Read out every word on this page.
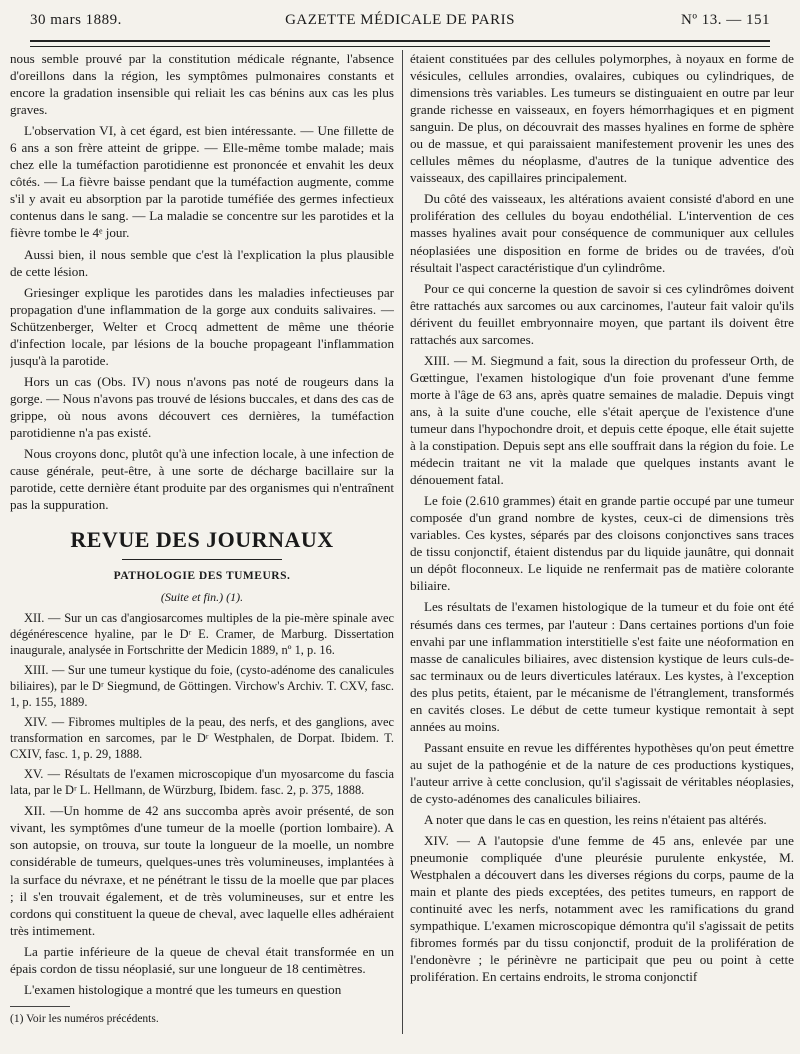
30 mars 1889.	GAZETTE MÉDICALE DE PARIS	Nº 13. — 151

nous semble prouvé par la constitution médicale régnante, l'absence d'oreillons dans la région, les symptômes pulmonaires constants et encore la gradation insensible qui reliait les cas bénins aux cas les plus graves.

L'observation VI, à cet égard, est bien intéressante. — Une fillette de 6 ans a son frère atteint de grippe. — Elle-même tombe malade; mais chez elle la tuméfaction parotidienne est prononcée et envahit les deux côtés. — La fièvre baisse pendant que la tuméfaction augmente, comme s'il y avait eu absorption par la parotide tuméfiée des germes infectieux contenus dans le sang. — La maladie se concentre sur les parotides et la fièvre tombe le 4ᵉ jour.

Aussi bien, il nous semble que c'est là l'explication la plus plausible de cette lésion.

Griesinger explique les parotides dans les maladies infectieuses par propagation d'une inflammation de la gorge aux conduits salivaires. — Schützenberger, Welter et Crocq admettent de même une théorie d'infection locale, par lésions de la bouche propageant l'inflammation jusqu'à la parotide.

Hors un cas (Obs. IV) nous n'avons pas noté de rougeurs dans la gorge. — Nous n'avons pas trouvé de lésions buccales, et dans des cas de grippe, où nous avons découvert ces dernières, la tuméfaction parotidienne n'a pas existé.

Nous croyons donc, plutôt qu'à une infection locale, à une infection de cause générale, peut-être, à une sorte de décharge bacillaire sur la parotide, cette dernière étant produite par des organismes qui n'entraînent pas la suppuration.

REVUE DES JOURNAUX
PATHOLOGIE DES TUMEURS.
(Suite et fin.) (1).

XII. — Sur un cas d'angiosarcomes multiples de la pie-mère spinale avec dégénérescence hyaline, par le Dʳ E. Cramer, de Marburg. Dissertation inaugurale, analysée in Fortschritte der Medicin 1889, nº 1, p. 16.

XIII. — Sur une tumeur kystique du foie, (cysto-adénome des canalicules biliaires), par le Dʳ Siegmund, de Göttingen. Virchow's Archiv. T. CXV, fasc. 1, p. 155, 1889.

XIV. — Fibromes multiples de la peau, des nerfs, et des ganglions, avec transformation en sarcomes, par le Dʳ Westphalen, de Dorpat. Ibidem. T. CXIV, fasc. 1, p. 29, 1888.

XV. — Résultats de l'examen microscopique d'un myosarcome du fascia lata, par le Dʳ L. Hellmann, de Würzburg, Ibidem. fasc. 2, p. 375, 1888.

XII. —Un homme de 42 ans succomba après avoir présenté, de son vivant, les symptômes d'une tumeur de la moelle (portion lombaire). A son autopsie, on trouva, sur toute la longueur de la moelle, un nombre considérable de tumeurs, quelques-unes très volumineuses, implantées à la surface du névraxe, et ne pénétrant le tissu de la moelle que par places ; il s'en trouvait également, et de très volumineuses, sur et entre les cordons qui constituent la queue de cheval, avec laquelle elles adhéraient très intimement.

La partie inférieure de la queue de cheval était transformée en un épais cordon de tissu néoplasié, sur une longueur de 18 centimètres.

L'examen histologique a montré que les tumeurs en question

(1) Voir les numéros précédents.

étaient constituées par des cellules polymorphes, à noyaux en forme de vésicules, cellules arrondies, ovalaires, cubiques ou cylindriques, de dimensions très variables. Les tumeurs se distinguaient en outre par leur grande richesse en vaisseaux, en foyers hémorrhagiques et en pigment sanguin. De plus, on découvrait des masses hyalines en forme de sphère ou de massue, et qui paraissaient manifestement provenir les unes des cellules mêmes du néoplasme, d'autres de la tunique adventice des vaisseaux, des capillaires principalement.

Du côté des vaisseaux, les altérations avaient consisté d'abord en une prolifération des cellules du boyau endothélial. L'intervention de ces masses hyalines avait pour conséquence de communiquer aux cellules néoplasiées une disposition en forme de brides ou de travées, d'où résultait l'aspect caractéristique d'un cylindrôme.

Pour ce qui concerne la question de savoir si ces cylindrômes doivent être rattachés aux sarcomes ou aux carcinomes, l'auteur fait valoir qu'ils dérivent du feuillet embryonnaire moyen, que partant ils doivent être rattachés aux sarcomes.

XIII. — M. Siegmund a fait, sous la direction du professeur Orth, de Gœttingue, l'examen histologique d'un foie provenant d'une femme morte à l'âge de 63 ans, après quatre semaines de maladie. Depuis vingt ans, à la suite d'une couche, elle s'était aperçue de l'existence d'une tumeur dans l'hypochondre droit, et depuis cette époque, elle était sujette à la constipation. Depuis sept ans elle souffrait dans la région du foie. Le médecin traitant ne vit la malade que quelques instants avant le dénouement fatal.

Le foie (2.610 grammes) était en grande partie occupé par une tumeur composée d'un grand nombre de kystes, ceux-ci de dimensions très variables. Ces kystes, séparés par des cloisons conjonctives sans traces de tissu conjonctif, étaient distendus par du liquide jaunâtre, qui donnait un dépôt floconneux. Le liquide ne renfermait pas de matière colorante biliaire.

Les résultats de l'examen histologique de la tumeur et du foie ont été résumés dans ces termes, par l'auteur : Dans certaines portions d'un foie envahi par une inflammation interstitielle s'est faite une néoformation en masse de canalicules biliaires, avec distension kystique de leurs culs-de-sac terminaux ou de leurs diverticules latéraux. Les kystes, à l'exception des plus petits, étaient, par le mécanisme de l'étranglement, transformés en cavités closes. Le début de cette tumeur kystique remontait à sept années au moins.

Passant ensuite en revue les différentes hypothèses qu'on peut émettre au sujet de la pathogénie et de la nature de ces productions kystiques, l'auteur arrive à cette conclusion, qu'il s'agissait de véritables néoplasies, de cysto-adénomes des canalicules biliaires.

A noter que dans le cas en question, les reins n'étaient pas altérés.

XIV. — A l'autopsie d'une femme de 45 ans, enlevée par une pneumonie compliquée d'une pleurésie purulente enkystée, M. Westphalen a découvert dans les diverses régions du corps, paume de la main et plante des pieds exceptées, des petites tumeurs, en rapport de continuité avec les nerfs, notamment avec les ramifications du grand sympathique. L'examen microscopique démontra qu'il s'agissait de petits fibromes formés par du tissu conjonctif, produit de la prolifération de l'endonèvre ; le périnèvre ne participait que peu ou point à cette prolifération. En certains endroits, le stroma conjonctif
